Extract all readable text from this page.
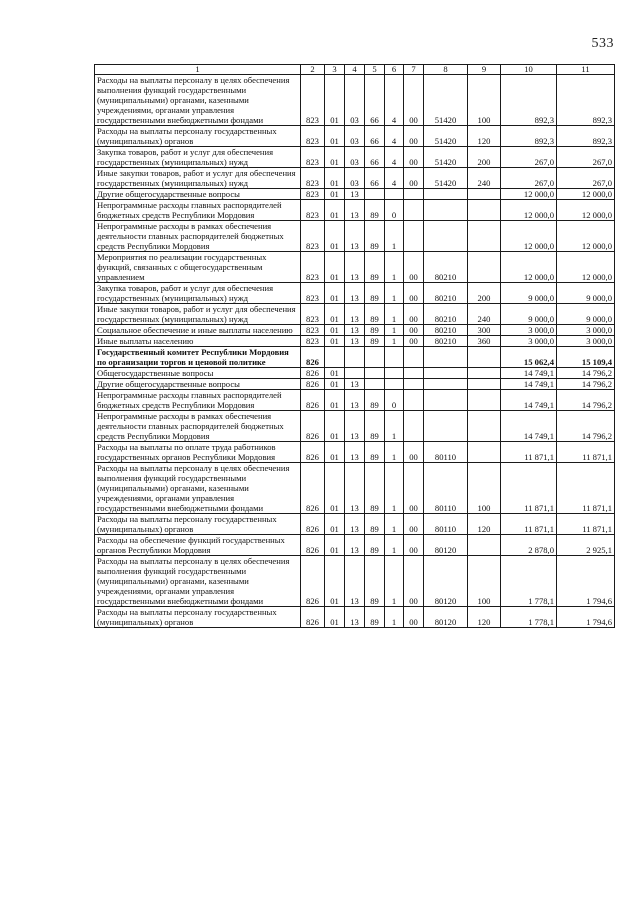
533
1	2	3	4	5	6	7	8	9	10	11
Расходы на выплаты персоналу в целях обеспечения выполнения функций государственными (муниципальными) органами, казенными учреждениями, органами управления государственными внебюджетными фондами	823	01	03	66	4	00	51420	100	892,3	892,3
Расходы на выплаты персоналу государственных (муниципальных) органов	823	01	03	66	4	00	51420	120	892,3	892,3
Закупка товаров, работ и услуг для обеспечения государственных (муниципальных) нужд	823	01	03	66	4	00	51420	200	267,0	267,0
Иные закупки товаров, работ и услуг для обеспечения государственных (муниципальных) нужд	823	01	03	66	4	00	51420	240	267,0	267,0
Другие общегосударственные вопросы	823	01	13						12 000,0	12 000,0
Непрограммные расходы главных распорядителей бюджетных средств Республики Мордовия	823	01	13	89	0				12 000,0	12 000,0
Непрограммные расходы в рамках обеспечения деятельности главных распорядителей бюджетных средств Республики Мордовия	823	01	13	89	1				12 000,0	12 000,0
Мероприятия по реализации государственных функций, связанных с общегосударственным управлением	823	01	13	89	1	00	80210		12 000,0	12 000,0
Закупка товаров, работ и услуг для обеспечения государственных (муниципальных) нужд	823	01	13	89	1	00	80210	200	9 000,0	9 000,0
Иные закупки товаров, работ и услуг для обеспечения государственных (муниципальных) нужд	823	01	13	89	1	00	80210	240	9 000,0	9 000,0
Социальное обеспечение и иные выплаты населению	823	01	13	89	1	00	80210	300	3 000,0	3 000,0
Иные выплаты населению	823	01	13	89	1	00	80210	360	3 000,0	3 000,0
Государственный комитет Республики Мордовия по организации торгов и ценовой политике	826								15 062,4	15 109,4
Общегосударственные вопросы	826	01							14 749,1	14 796,2
Другие общегосударственные вопросы	826	01	13						14 749,1	14 796,2
Непрограммные расходы главных распорядителей бюджетных средств Республики Мордовия	826	01	13	89	0				14 749,1	14 796,2
Непрограммные расходы в рамках обеспечения деятельности главных распорядителей бюджетных средств Республики Мордовия	826	01	13	89	1				14 749,1	14 796,2
Расходы на выплаты по оплате труда работников государственных органов Республики Мордовия	826	01	13	89	1	00	80110		11 871,1	11 871,1
Расходы на выплаты персоналу в целях обеспечения выполнения функций государственными (муниципальными) органами, казенными учреждениями, органами управления государственными внебюджетными фондами	826	01	13	89	1	00	80110	100	11 871,1	11 871,1
Расходы на выплаты персоналу государственных (муниципальных) органов	826	01	13	89	1	00	80110	120	11 871,1	11 871,1
Расходы на обеспечение функций государственных органов Республики Мордовия	826	01	13	89	1	00	80120		2 878,0	2 925,1
Расходы на выплаты персоналу в целях обеспечения выполнения функций государственными (муниципальными) органами, казенными учреждениями, органами управления государственными внебюджетными фондами	826	01	13	89	1	00	80120	100	1 778,1	1 794,6
Расходы на выплаты персоналу государственных (муниципальных) органов	826	01	13	89	1	00	80120	120	1 778,1	1 794,6
